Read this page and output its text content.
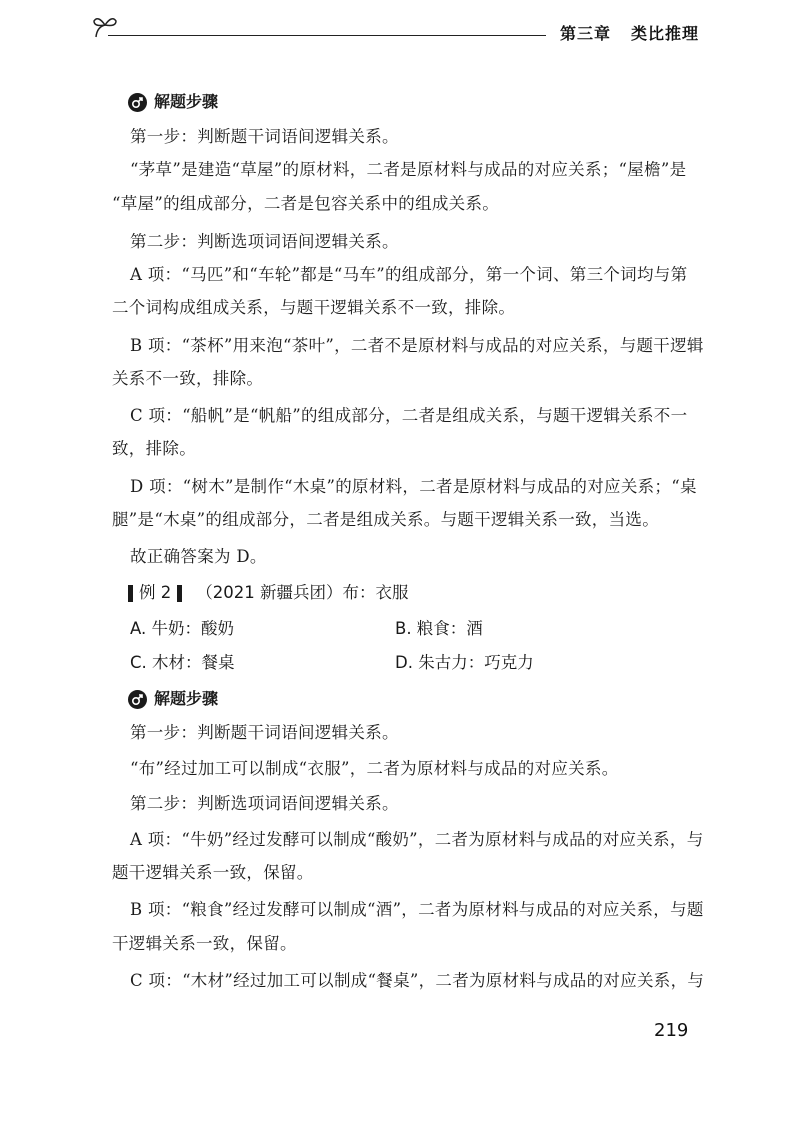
第三章 类比推理
解题步骤
第一步：判断题干词语间逻辑关系。
“茅草”是建造“草屋”的原材料，二者是原材料与成品的对应关系；“屋檐”是
“草屋”的组成部分，二者是包容关系中的组成关系。
第二步：判断选项词语间逻辑关系。
A 项：“马匹”和“车轮”都是“马车”的组成部分，第一个词、第三个词均与第
二个词构成组成关系，与题干逻辑关系不一致，排除。
B 项：“茶杯”用来泡“茶叶”，二者不是原材料与成品的对应关系，与题干逻辑
关系不一致，排除。
C 项：“船帆”是“帆船”的组成部分，二者是组成关系，与题干逻辑关系不一
致，排除。
D 项：“树木”是制作“木桌”的原材料，二者是原材料与成品的对应关系；“桌
腿”是“木桌”的组成部分，二者是组成关系。与题干逻辑关系一致，当选。
故正确答案为 D。
例 2 （2021 新疆兵团）布：衣服
A. 牛奶：酸奶	B. 粮食：酒
C. 木材：餐桌	D. 朱古力：巧克力
解题步骤
第一步：判断题干词语间逻辑关系。
“布”经过加工可以制成“衣服”，二者为原材料与成品的对应关系。
第二步：判断选项词语间逻辑关系。
A 项：“牛奶”经过发酵可以制成“酸奶”，二者为原材料与成品的对应关系，与
题干逻辑关系一致，保留。
B 项：“粮食”经过发酵可以制成“酒”，二者为原材料与成品的对应关系，与题
干逻辑关系一致，保留。
C 项：“木材”经过加工可以制成“餐桌”，二者为原材料与成品的对应关系，与
219
